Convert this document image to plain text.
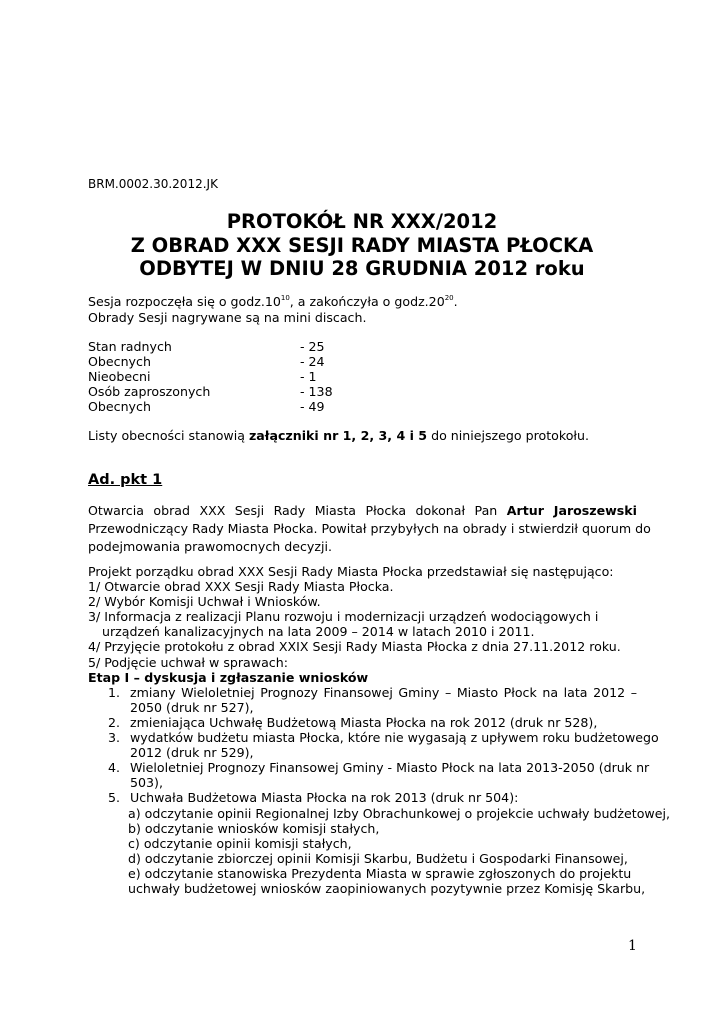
BRM.0002.30.2012.JK
PROTOKÓŁ NR XXX/2012
Z OBRAD XXX SESJI RADY MIASTA PŁOCKA
ODBYTEJ W DNIU 28 GRUDNIA 2012 roku
Sesja rozpoczęła się o $godz.10^{10}$, a zakończyła o $godz.20^{20}$.
Obrady Sesji nagrywane są na mini discach.
Stan radnych	- 25
Obecnych	- 24
Nieobecni	- 1
Osób zaproszonych	- 138
Obecnych	- 49
Listy obecności stanowią załączniki nr 1, 2, 3, 4 i 5 do niniejszego protokołu.
Ad. pkt 1
Otwarcia obrad XXX Sesji Rady Miasta Płocka dokonał Pan Artur Jaroszewski
Przewodniczący Rady Miasta Płocka. Powitał przybyłych na obrady i stwierdził quorum do
podejmowania prawomocnych decyzji.
Projekt porządku obrad XXX Sesji Rady Miasta Płocka przedstawiał się następująco:
1/ Otwarcie obrad XXX Sesji Rady Miasta Płocka.
2/ Wybór Komisji Uchwał i Wniosków.
3/ Informacja z realizacji Planu rozwoju i modernizacji urządzeń wodociągowych i
urządzeń kanalizacyjnych na lata 2009 – 2014 w latach 2010 i 2011.
4/ Przyjęcie protokołu z obrad XXIX Sesji Rady Miasta Płocka z dnia 27.11.2012 roku.
5/ Podjęcie uchwał w sprawach:
Etap I – dyskusja i zgłaszanie wniosków
1. zmiany Wieloletniej Prognozy Finansowej Gminy – Miasto Płock na lata 2012 –
2050 (druk nr 527),
2. zmieniająca Uchwałę Budżetową Miasta Płocka na rok 2012 (druk nr 528),
3. wydatków budżetu miasta Płocka, które nie wygasają z upływem roku budżetowego
2012 (druk nr 529),
4. Wieloletniej Prognozy Finansowej Gminy - Miasto Płock na lata 2013-2050 (druk nr
503),
5. Uchwała Budżetowa Miasta Płocka na rok 2013 (druk nr 504):
a) odczytanie opinii Regionalnej Izby Obrachunkowej o projekcie uchwały budżetowej,
b) odczytanie wniosków komisji stałych,
c) odczytanie opinii komisji stałych,
d) odczytanie zbiorczej opinii Komisji Skarbu, Budżetu i Gospodarki Finansowej,
e) odczytanie stanowiska Prezydenta Miasta w sprawie zgłoszonych do projektu
uchwały budżetowej wniosków zaopiniowanych pozytywnie przez Komisję Skarbu,
1
